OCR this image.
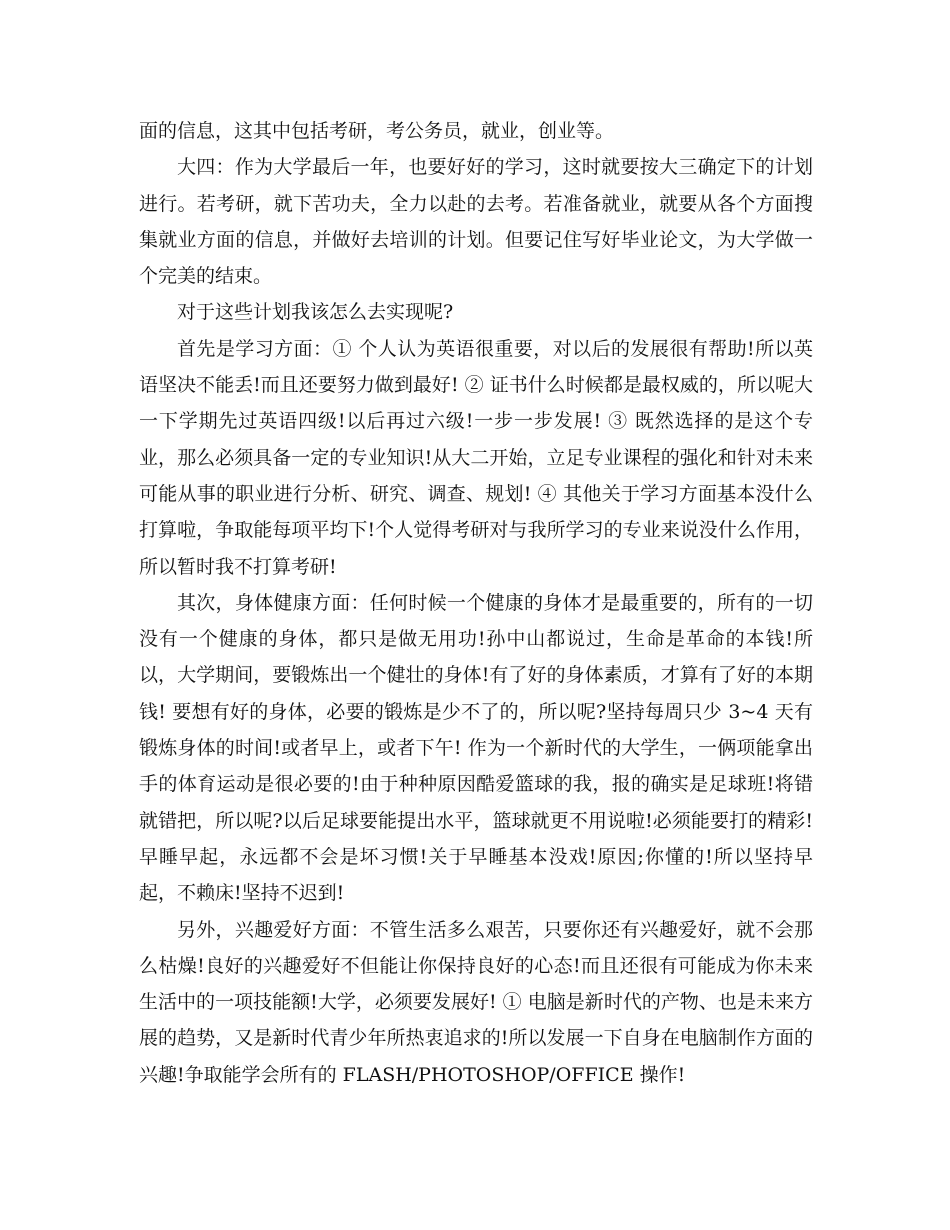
面的信息，这其中包括考研，考公务员，就业，创业等。

大四：作为大学最后一年，也要好好的学习，这时就要按大三确定下的计划进行。若考研，就下苦功夫，全力以赴的去考。若准备就业，就要从各个方面搜集就业方面的信息，并做好去培训的计划。但要记住写好毕业论文，为大学做一个完美的结束。

对于这些计划我该怎么去实现呢?

首先是学习方面：① 个人认为英语很重要，对以后的发展很有帮助!所以英语坚决不能丢!而且还要努力做到最好! ② 证书什么时候都是最权威的，所以呢大一下学期先过英语四级!以后再过六级!一步一步发展! ③ 既然选择的是这个专业，那么必须具备一定的专业知识!从大二开始，立足专业课程的强化和针对未来可能从事的职业进行分析、研究、调查、规划! ④ 其他关于学习方面基本没什么打算啦，争取能每项平均下!个人觉得考研对与我所学习的专业来说没什么作用，所以暂时我不打算考研!

其次，身体健康方面：任何时候一个健康的身体才是最重要的，所有的一切没有一个健康的身体，都只是做无用功!孙中山都说过，生命是革命的本钱!所以，大学期间，要锻炼出一个健壮的身体!有了好的身体素质，才算有了好的本期钱! 要想有好的身体，必要的锻炼是少不了的，所以呢?坚持每周只少 3~4 天有锻炼身体的时间!或者早上，或者下午! 作为一个新时代的大学生，一俩项能拿出手的体育运动是很必要的!由于种种原因酷爱篮球的我，报的确实是足球班!将错就错把，所以呢?以后足球要能提出水平，篮球就更不用说啦!必须能要打的精彩! 早睡早起，永远都不会是坏习惯!关于早睡基本没戏!原因;你懂的!所以坚持早起，不赖床!坚持不迟到!

另外，兴趣爱好方面：不管生活多么艰苦，只要你还有兴趣爱好，就不会那么枯燥!良好的兴趣爱好不但能让你保持良好的心态!而且还很有可能成为你未来生活中的一项技能额!大学，必须要发展好! ① 电脑是新时代的产物、也是未来方展的趋势，又是新时代青少年所热衷追求的!所以发展一下自身在电脑制作方面的兴趣!争取能学会所有的 FLASH/PHOTOSHOP/OFFICE 操作!
